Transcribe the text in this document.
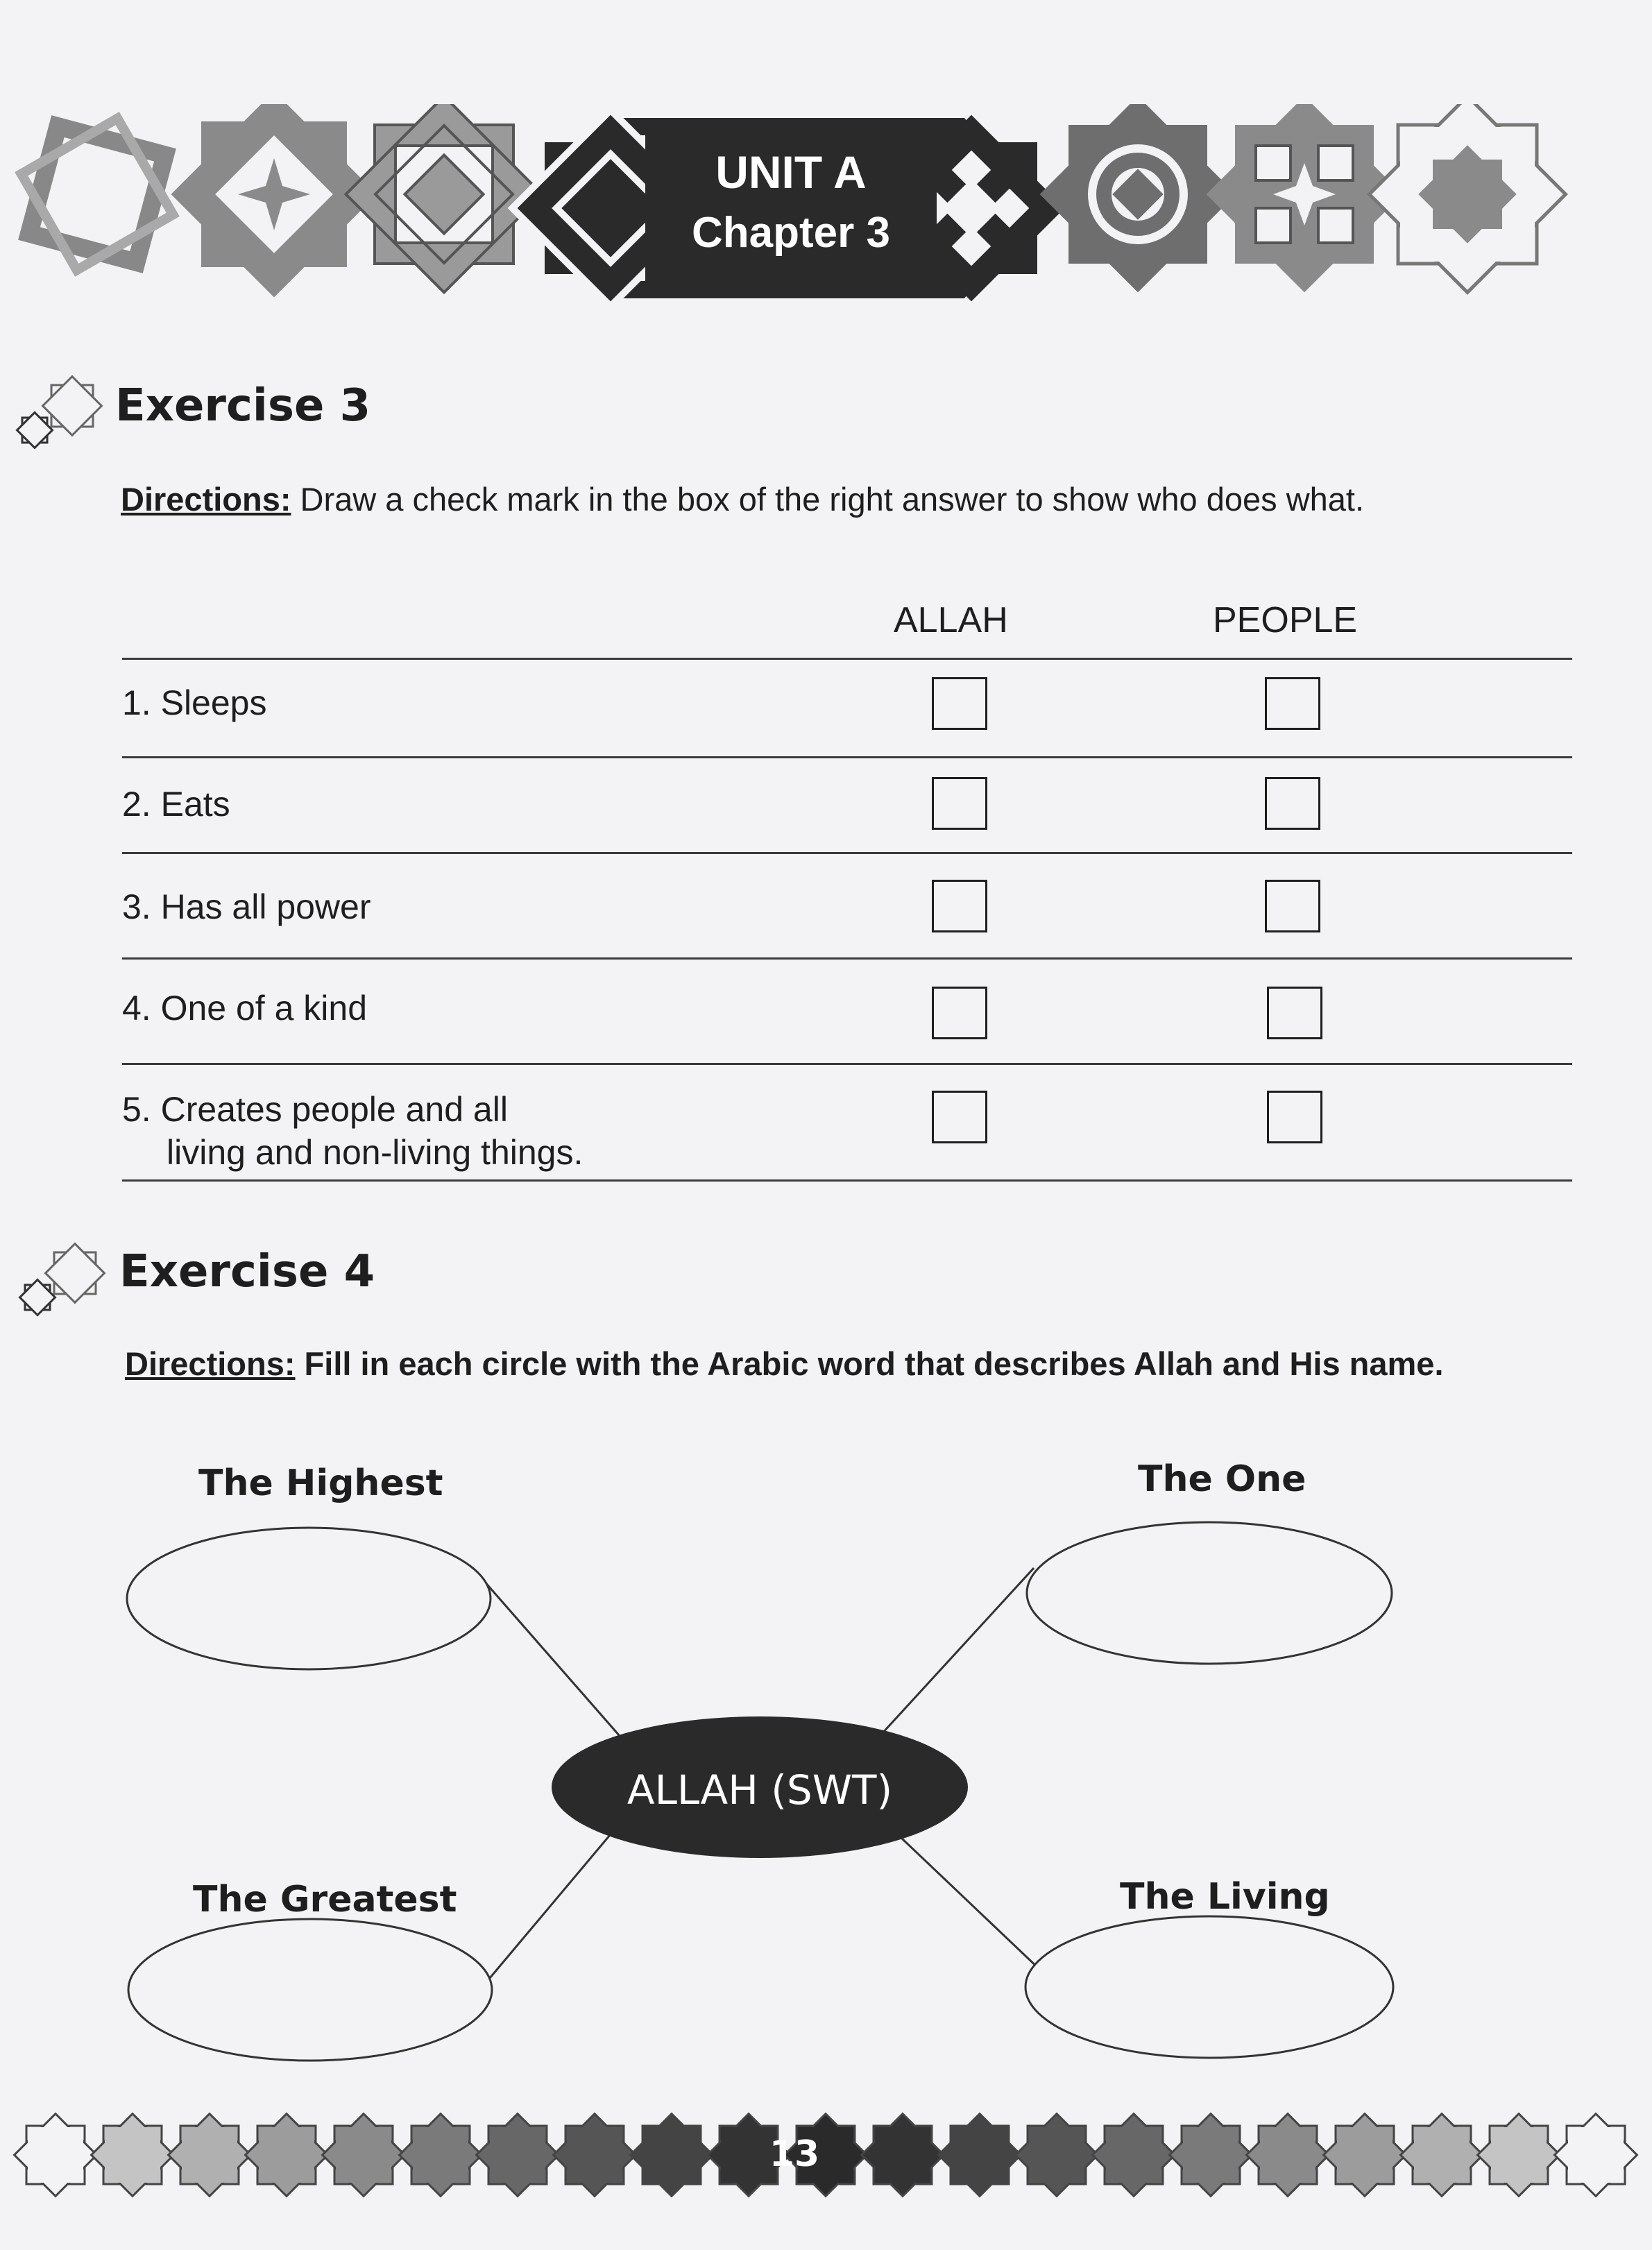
UNIT A
Chapter 3
Exercise 3
Directions: Draw a check mark in the box of the right answer to show who does what.
ALLAH	PEOPLE
1. Sleeps
2. Eats
3. Has all power
4. One of a kind
5. Creates people and all
living and non-living things.
Exercise 4
Directions: Fill in each circle with the Arabic word that describes Allah and His name.
The Highest	The One
The Greatest	The Living
ALLAH (SWT)
13
